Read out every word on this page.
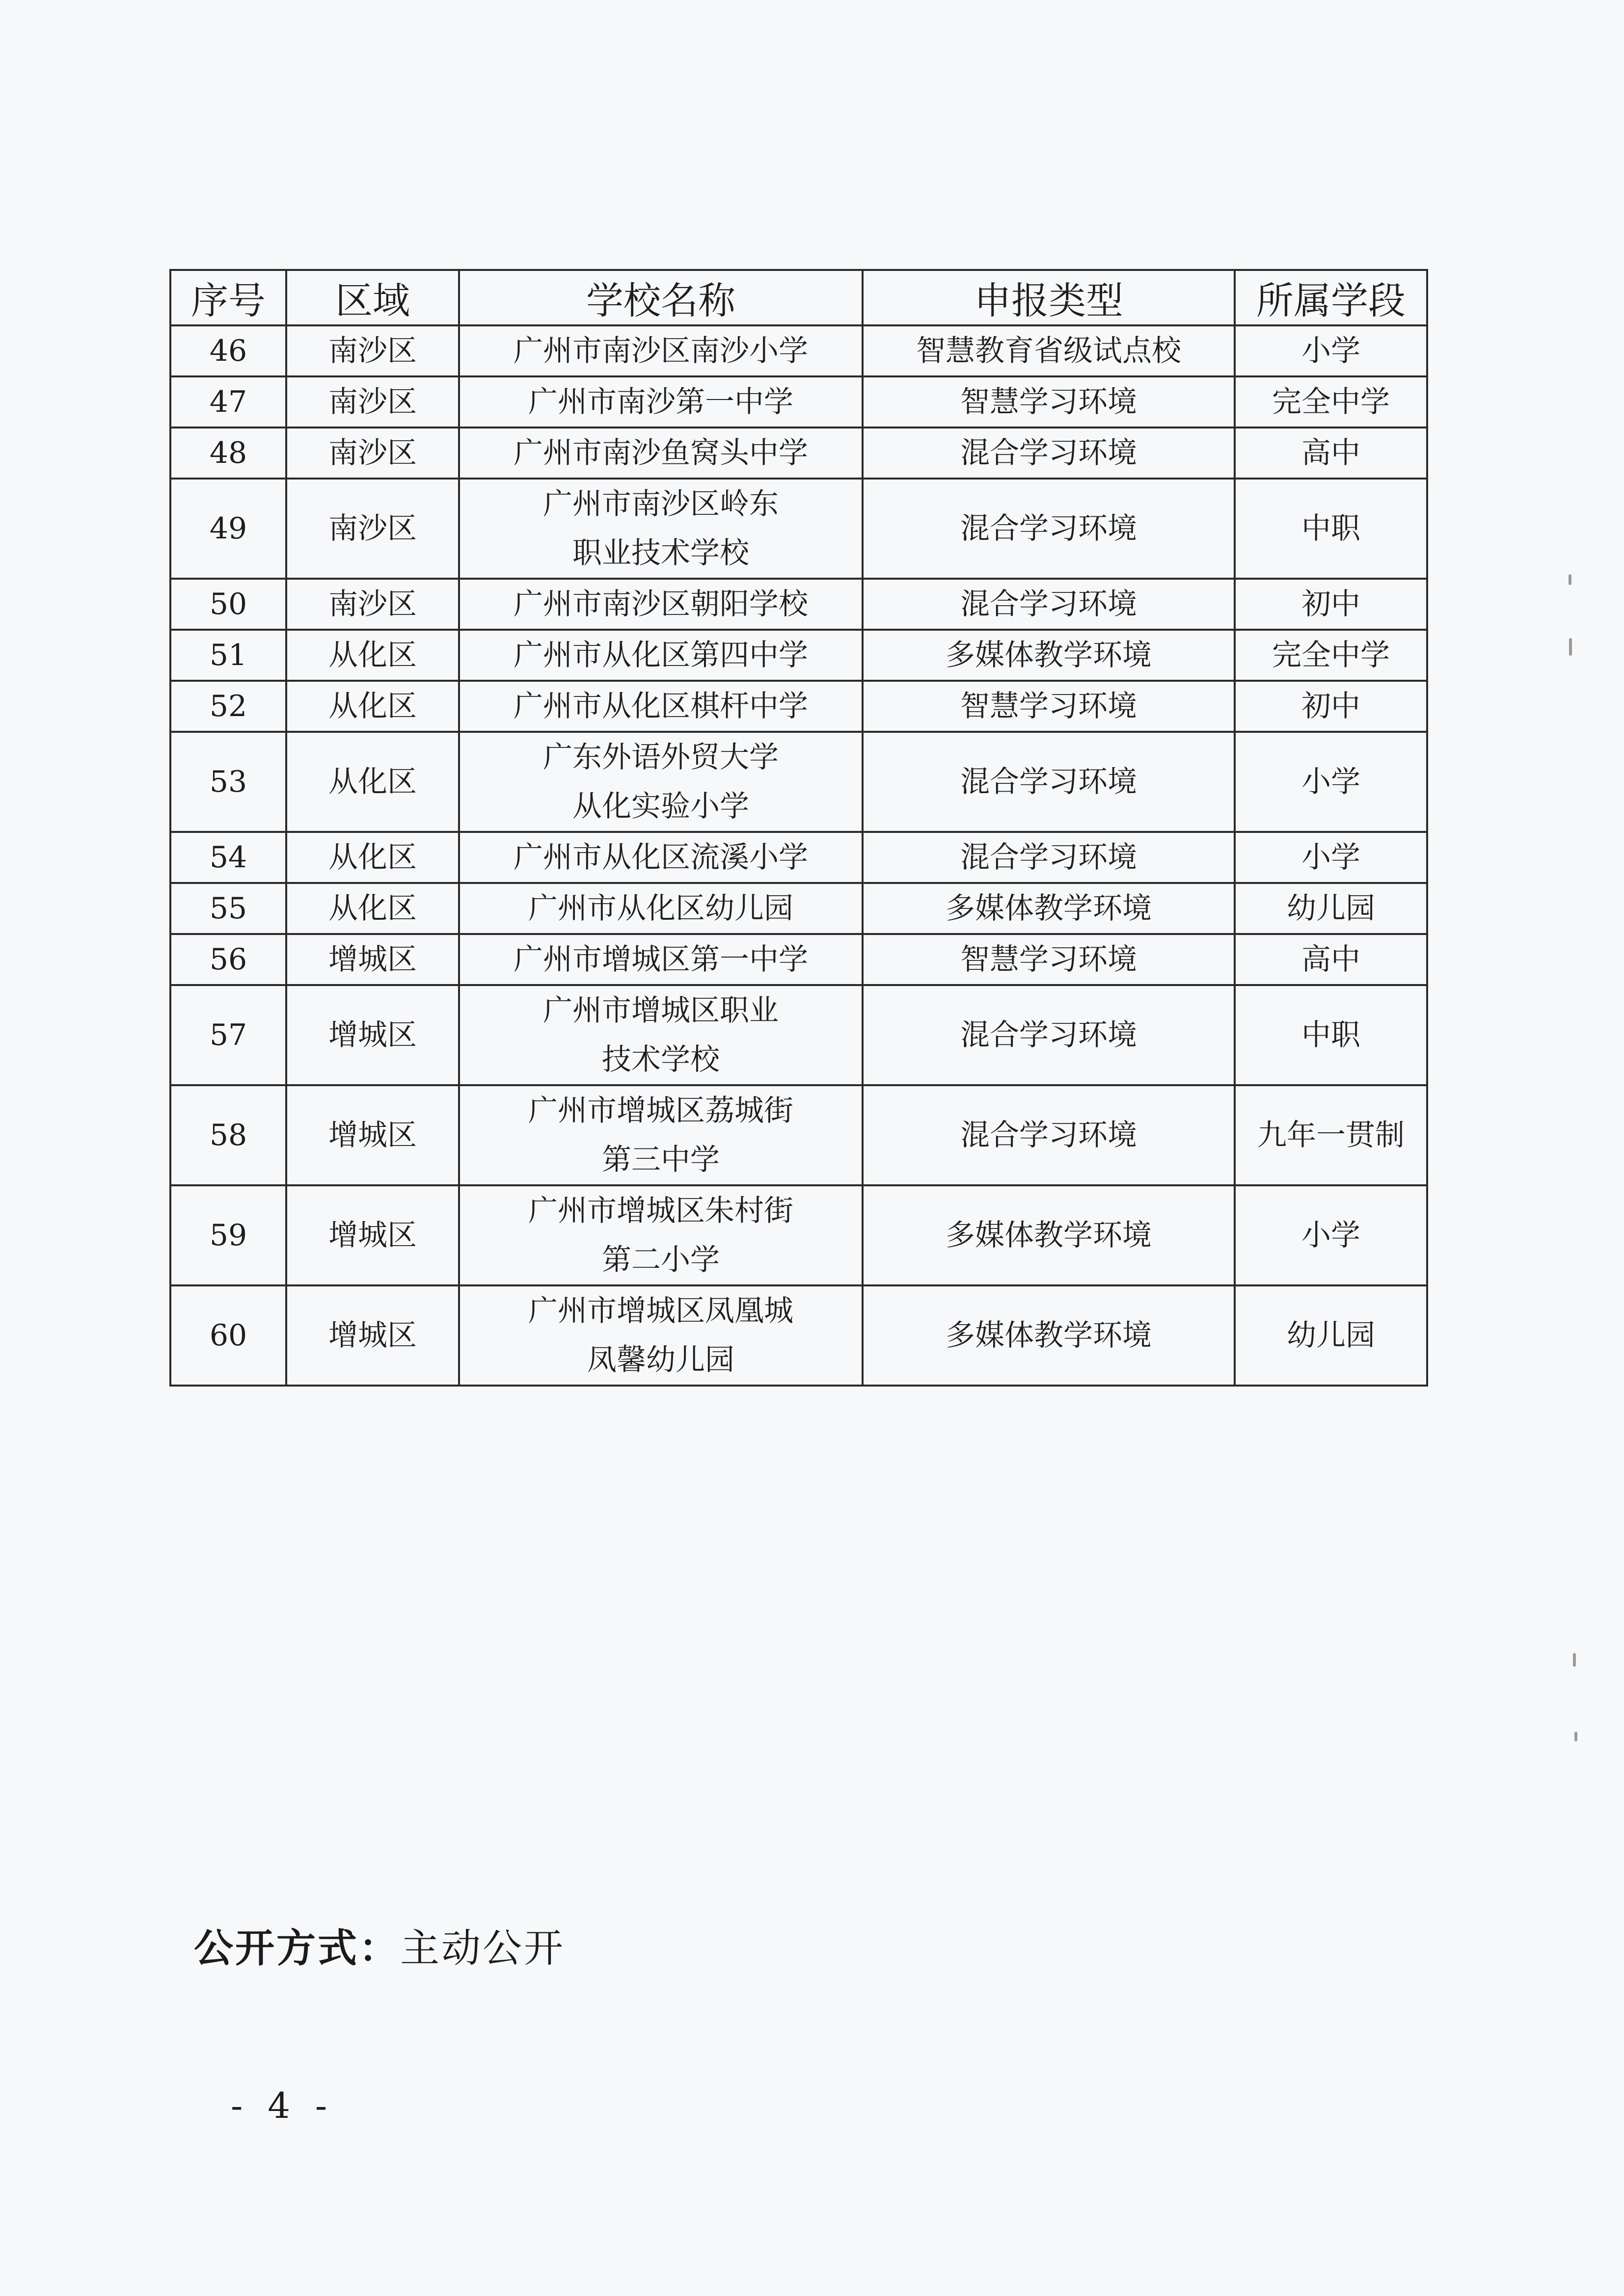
序号	区域	学校名称	申报类型	所属学段
46	南沙区	广州市南沙区南沙小学	智慧教育省级试点校	小学
47	南沙区	广州市南沙第一中学	智慧学习环境	完全中学
48	南沙区	广州市南沙鱼窝头中学	混合学习环境	高中
49	南沙区	广州市南沙区岭东
职业技术学校	混合学习环境	中职
50	南沙区	广州市南沙区朝阳学校	混合学习环境	初中
51	从化区	广州市从化区第四中学	多媒体教学环境	完全中学
52	从化区	广州市从化区棋杆中学	智慧学习环境	初中
53	从化区	广东外语外贸大学
从化实验小学	混合学习环境	小学
54	从化区	广州市从化区流溪小学	混合学习环境	小学
55	从化区	广州市从化区幼儿园	多媒体教学环境	幼儿园
56	增城区	广州市增城区第一中学	智慧学习环境	高中
57	增城区	广州市增城区职业
技术学校	混合学习环境	中职
58	增城区	广州市增城区荔城街
第三中学	混合学习环境	九年一贯制
59	增城区	广州市增城区朱村街
第二小学	多媒体教学环境	小学
60	增城区	广州市增城区凤凰城
凤馨幼儿园	多媒体教学环境	幼儿园
公开方式：主动公开
- 4 -
